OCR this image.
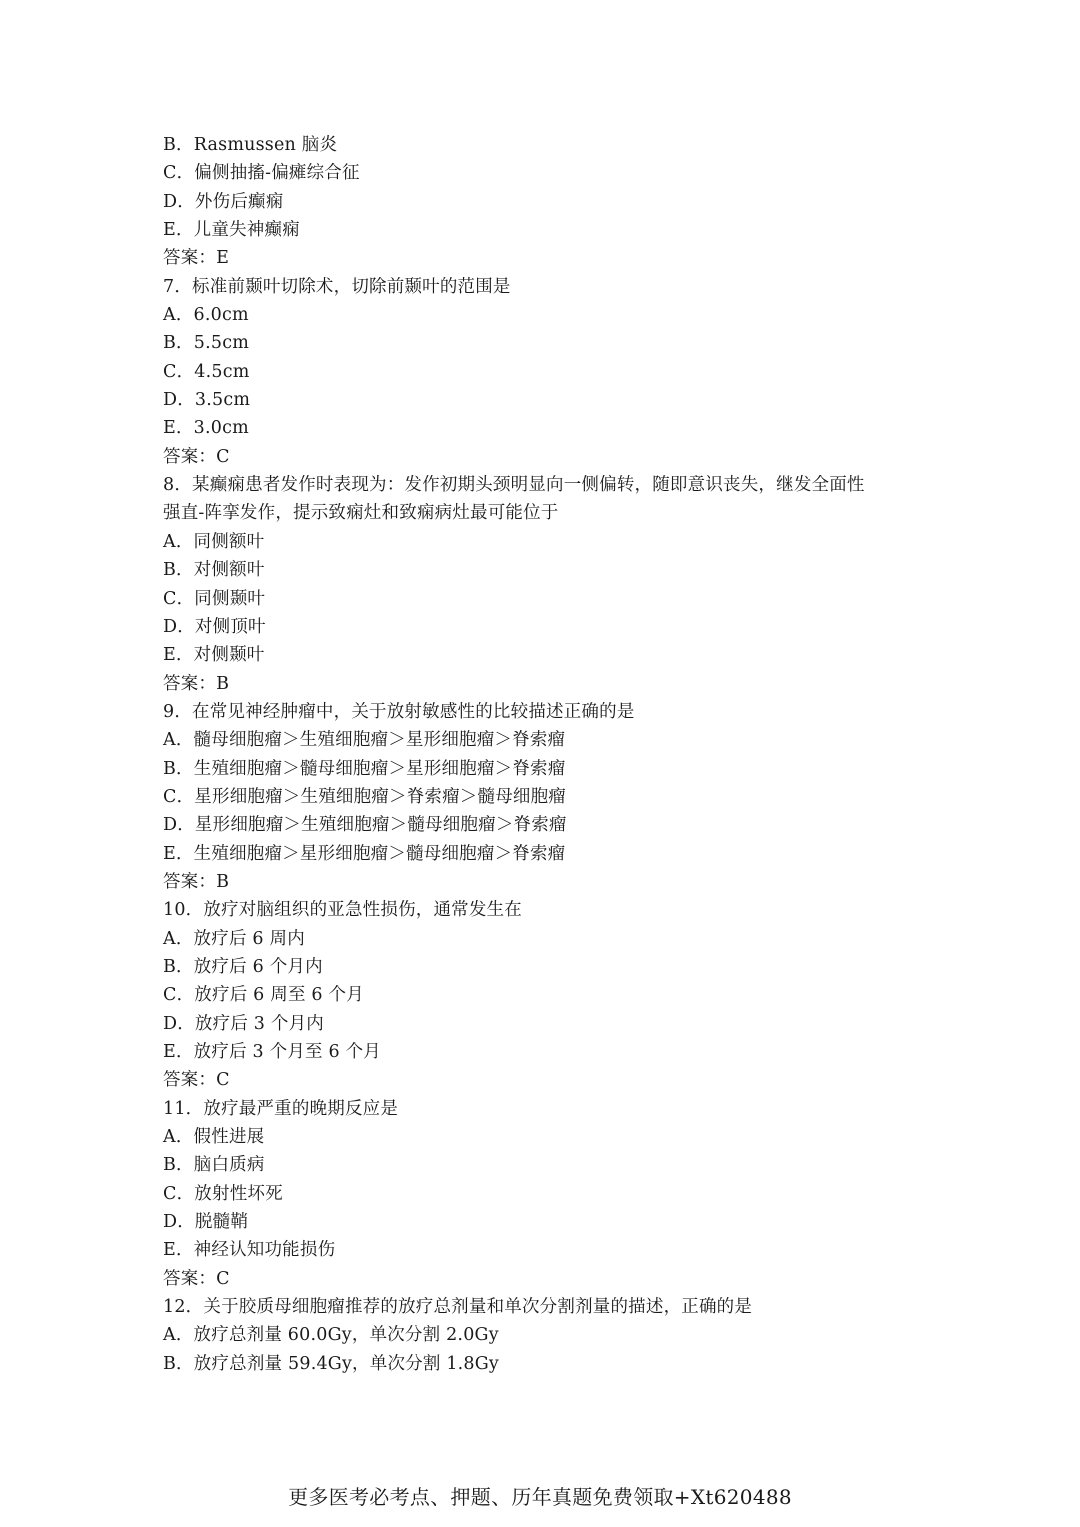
B．Rasmussen 脑炎
C．偏侧抽搐-偏瘫综合征
D．外伤后癫痫
E．儿童失神癫痫
答案：E
7．标准前颞叶切除术，切除前颞叶的范围是
A．6.0cm
B．5.5cm
C．4.5cm
D．3.5cm
E．3.0cm
答案：C
8．某癫痫患者发作时表现为：发作初期头颈明显向一侧偏转，随即意识丧失，继发全面性
强直-阵挛发作，提示致痫灶和致痫病灶最可能位于
A．同侧额叶
B．对侧额叶
C．同侧颞叶
D．对侧顶叶
E．对侧颞叶
答案：B
9．在常见神经肿瘤中，关于放射敏感性的比较描述正确的是
A．髓母细胞瘤＞生殖细胞瘤＞星形细胞瘤＞脊索瘤
B．生殖细胞瘤＞髓母细胞瘤＞星形细胞瘤＞脊索瘤
C．星形细胞瘤＞生殖细胞瘤＞脊索瘤＞髓母细胞瘤
D．星形细胞瘤＞生殖细胞瘤＞髓母细胞瘤＞脊索瘤
E．生殖细胞瘤＞星形细胞瘤＞髓母细胞瘤＞脊索瘤
答案：B
10．放疗对脑组织的亚急性损伤，通常发生在
A．放疗后 6 周内
B．放疗后 6 个月内
C．放疗后 6 周至 6 个月
D．放疗后 3 个月内
E．放疗后 3 个月至 6 个月
答案：C
11．放疗最严重的晚期反应是
A．假性进展
B．脑白质病
C．放射性坏死
D．脱髓鞘
E．神经认知功能损伤
答案：C
12．关于胶质母细胞瘤推荐的放疗总剂量和单次分割剂量的描述，正确的是
A．放疗总剂量 60.0Gy，单次分割 2.0Gy
B．放疗总剂量 59.4Gy，单次分割 1.8Gy
更多医考必考点、押题、历年真题免费领取+Xt620488
